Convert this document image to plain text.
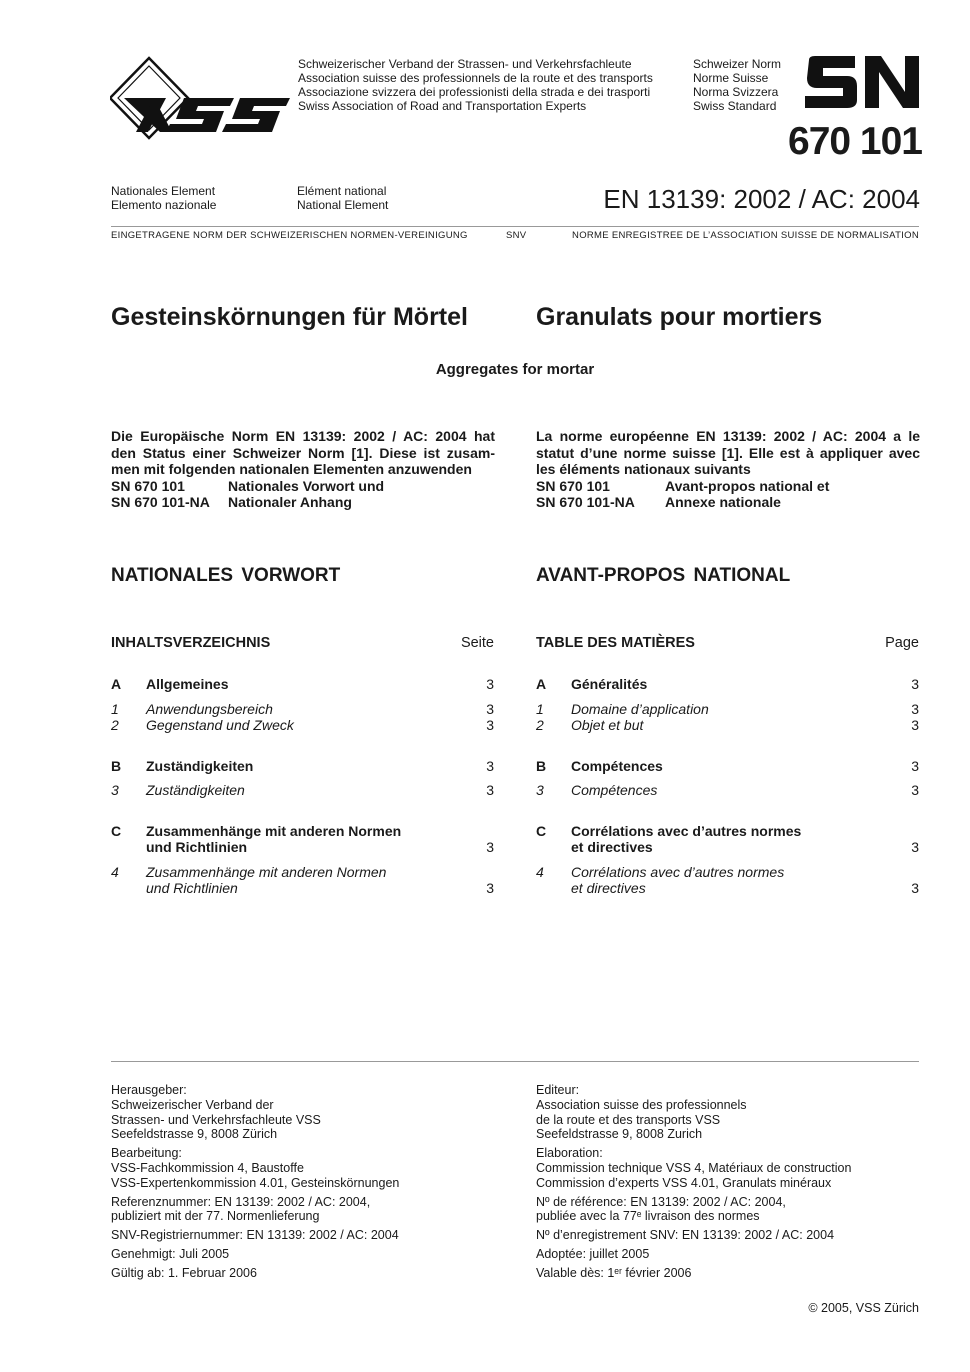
Schweizerischer Verband der Strassen- und Verkehrsfachleute
Association suisse des professionnels de la route et des transports
Associazione svizzera dei professionisti della strada e dei trasporti
Swiss Association of Road and Transportation Experts
Schweizer Norm
Norme Suisse
Norma Svizzera
Swiss Standard
670 101
Nationales Element
Elemento nazionale
Elément national
National Element	EN 13139: 2002 / AC: 2004
EINGETRAGENE NORM DER SCHWEIZERISCHEN NORMEN-VEREINIGUNG	SNV	NORME ENREGISTREE DE L’ASSOCIATION SUISSE DE NORMALISATION
Gesteinskörnungen für Mörtel	Granulats pour mortiers
Aggregates for mortar
Die Europäische Norm EN 13139: 2002 / AC: 2004 hat
den Status einer Schweizer Norm [1]. Diese ist zusam-
men mit folgenden nationalen Elementen anzuwenden
SN 670 101	Nationales Vorwort und
SN 670 101-NA Nationaler Anhang
La norme européenne EN 13139: 2002 / AC: 2004 a le
statut d’une norme suisse [1]. Elle est à appliquer avec
les éléments nationaux suivants
SN 670 101	Avant-propos national et
SN 670 101-NA Annexe nationale
NATIONALES VORWORT	AVANT-PROPOS NATIONAL
INHALTSVERZEICHNIS	Seite
A Allgemeines	3
1 Anwendungsbereich	3
2 Gegenstand und Zweck	3
B Zuständigkeiten	3
3 Zuständigkeiten	3
C Zusammenhänge mit anderen Normen
und Richtlinien	3
4 Zusammenhänge mit anderen Normen
und Richtlinien	3
TABLE DES MATIÈRES	Page
A Généralités	3
1 Domaine d’application	3
2 Objet et but	3
B Compétences	3
3 Compétences	3
C Corrélations avec d’autres normes
et directives	3
4 Corrélations avec d’autres normes
et directives	3
Herausgeber:
Schweizerischer Verband der
Strassen- und Verkehrsfachleute VSS
Seefeldstrasse 9, 8008 Zürich
Bearbeitung:
VSS-Fachkommission 4, Baustoffe
VSS-Expertenkommission 4.01, Gesteinskörnungen
Referenznummer: EN 13139: 2002 / AC: 2004,
publiziert mit der 77. Normenlieferung
SNV-Registriernummer: EN 13139: 2002 / AC: 2004
Genehmigt: Juli 2005
Gültig ab: 1. Februar 2006
Editeur:
Association suisse des professionnels
de la route et des transports VSS
Seefeldstrasse 9, 8008 Zurich
Elaboration:
Commission technique VSS 4, Matériaux de construction
Commission d’experts VSS 4.01, Granulats minéraux
Nº de référence: EN 13139: 2002 / AC: 2004,
publiée avec la 77ᵉ livraison des normes
Nº d’enregistrement SNV: EN 13139: 2002 / AC: 2004
Adoptée: juillet 2005
Valable dès: 1ᵉʳ février 2006
© 2005, VSS Zürich
